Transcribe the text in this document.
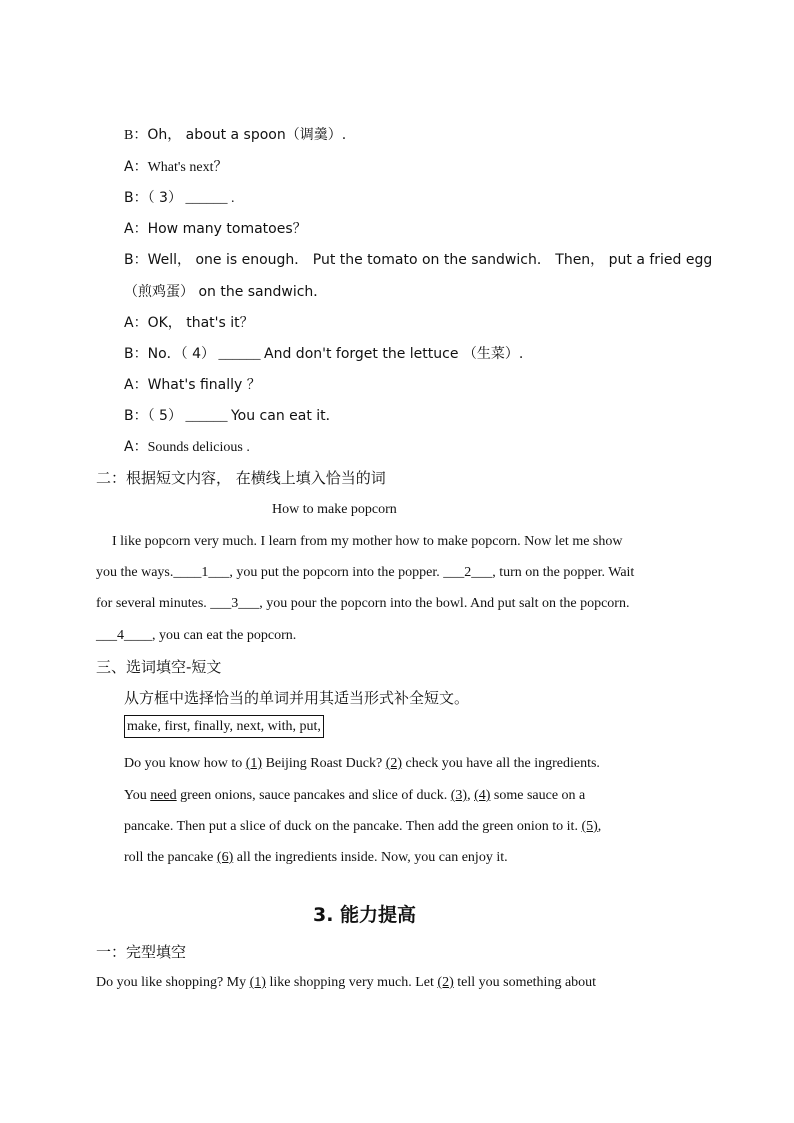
B：Oh， about a spoon（调羹）.
A：What's next？
B：（ 3） ______ .
A：How many tomatoes？
B：Well， one is enough． Put the tomato on the sandwich． Then， put a fried egg
（煎鸡蛋） on the sandwich．
A：OK， that's it？
B：No．（ 4） ______ And don't forget the lettuce （生菜）.
A：What's finally ？
B：（ 5） ______ You can eat it．
A：Sounds delicious .
二：根据短文内容， 在横线上填入恰当的词
How to make popcorn
I like popcorn very much. I learn from my mother how to make popcorn. Now let me show
you the ways.____1___, you put the popcorn into the popper. ___2___, turn on the popper. Wait
for several minutes. ___3___, you pour the popcorn into the bowl. And put salt on the popcorn.
___4____, you can eat the popcorn.
三、选词填空-短文
从方框中选择恰当的单词并用其适当形式补全短文。
make, first, finally, next, with, put,
Do you know how to (1) Beijing Roast Duck? (2) check you have all the ingredients.
You need green onions, sauce pancakes and slice of duck. (3), (4) some sauce on a
pancake. Then put a slice of duck on the pancake. Then add the green onion to it. (5),
roll the pancake (6) all the ingredients inside. Now, you can enjoy it.
3. 能力提高
一：完型填空
Do you like shopping? My (1) like shopping very much. Let (2) tell you something about
